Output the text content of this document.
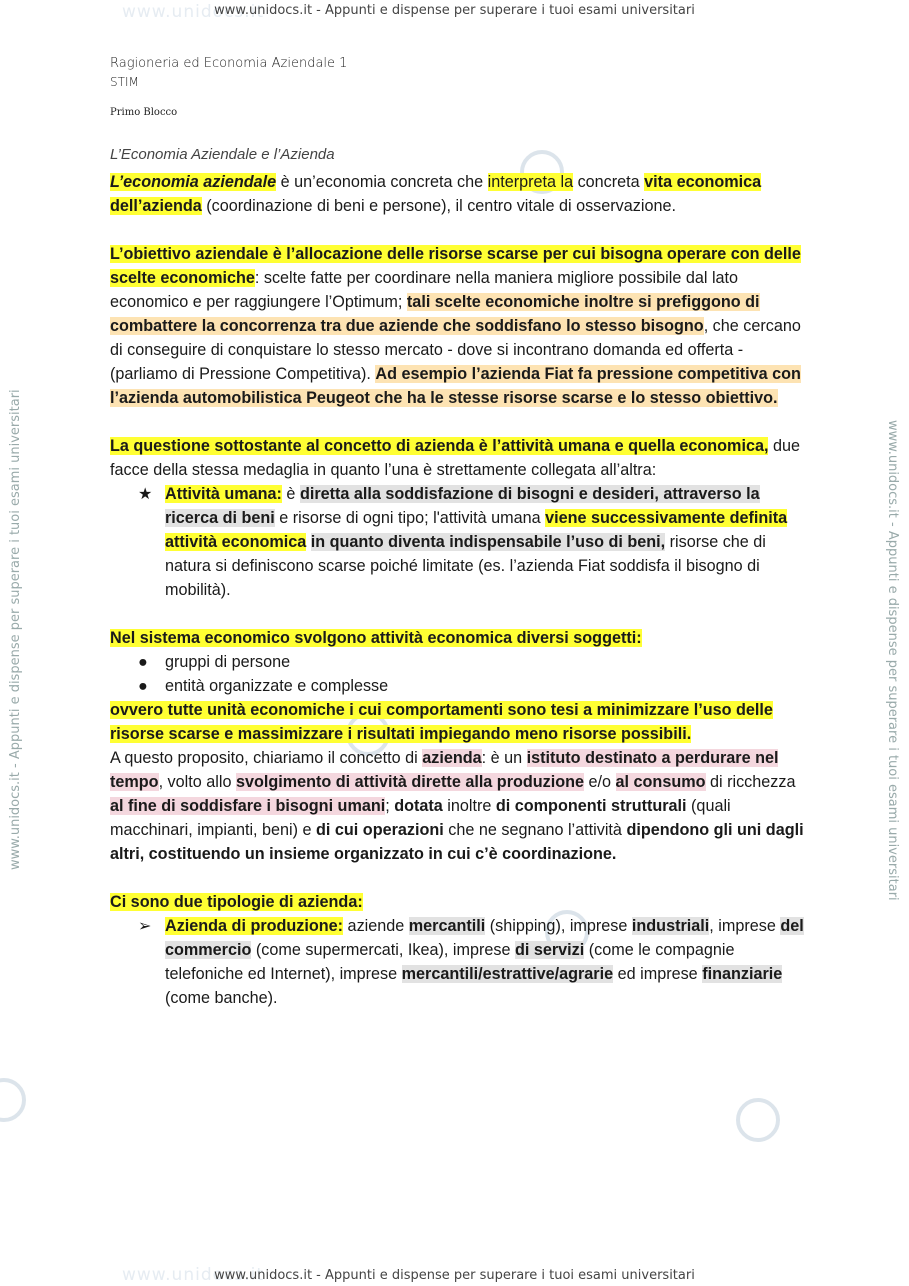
www.unidocs.it
www.unidocs.it - Appunti e dispense per superare i tuoi esami universitari
www.unidocs.it
www.unidocs.it - Appunti e dispense per superare i tuoi esami universitari
www.unidocs.it - Appunti e dispense per superare i tuoi esami universitari	www.unidocs.it - Appunti e dispense per superare i tuoi esami universitari
Ragioneria ed Economia Aziendale 1
STIM
Primo Blocco
L’Economia Aziendale e l’Azienda

L’economia aziendale è un’economia concreta che interpreta la concreta vita economica dell’azienda (coordinazione di beni e persone), il centro vitale di osservazione.

L’obiettivo aziendale è l’allocazione delle risorse scarse per cui bisogna operare con delle scelte economiche: scelte fatte per coordinare nella maniera migliore possibile dal lato economico e per raggiungere l’Optimum; tali scelte economiche inoltre si prefiggono di combattere la concorrenza tra due aziende che soddisfano lo stesso bisogno, che cercano di conseguire di conquistare lo stesso mercato - dove si incontrano domanda ed offerta - (parliamo di Pressione Competitiva). Ad esempio l’azienda Fiat fa pressione competitiva con l’azienda automobilistica Peugeot che ha le stesse risorse scarse e lo stesso obiettivo.

La questione sottostante al concetto di azienda è l’attività umana e quella economica, due facce della stessa medaglia in quanto l’una è strettamente collegata all’altra:

★ Attività umana: è diretta alla soddisfazione di bisogni e desideri, attraverso la ricerca di beni e risorse di ogni tipo; l'attività umana viene successivamente definita attività economica in quanto diventa indispensabile l’uso di beni, risorse che di natura si definiscono scarse poiché limitate (es. l’azienda Fiat soddisfa il bisogno di mobilità).

Nel sistema economico svolgono attività economica diversi soggetti:

● gruppi di persone
● entità organizzate e complesse

ovvero tutte unità economiche i cui comportamenti sono tesi a minimizzare l’uso delle risorse scarse e massimizzare i risultati impiegando meno risorse possibili.

A questo proposito, chiariamo il concetto di azienda: è un istituto destinato a perdurare nel tempo, volto allo svolgimento di attività dirette alla produzione e/o al consumo di ricchezza al fine di soddisfare i bisogni umani; dotata inoltre di componenti strutturali (quali macchinari, impianti, beni) e di cui operazioni che ne segnano l’attività dipendono gli uni dagli altri, costituendo un insieme organizzato in cui c’è coordinazione.

Ci sono due tipologie di azienda:

➢ Azienda di produzione: aziende mercantili (shipping), imprese industriali, imprese del commercio (come supermercati, Ikea), imprese di servizi (come le compagnie telefoniche ed Internet), imprese mercantili/estrattive/agrarie ed imprese finanziarie (come banche).
